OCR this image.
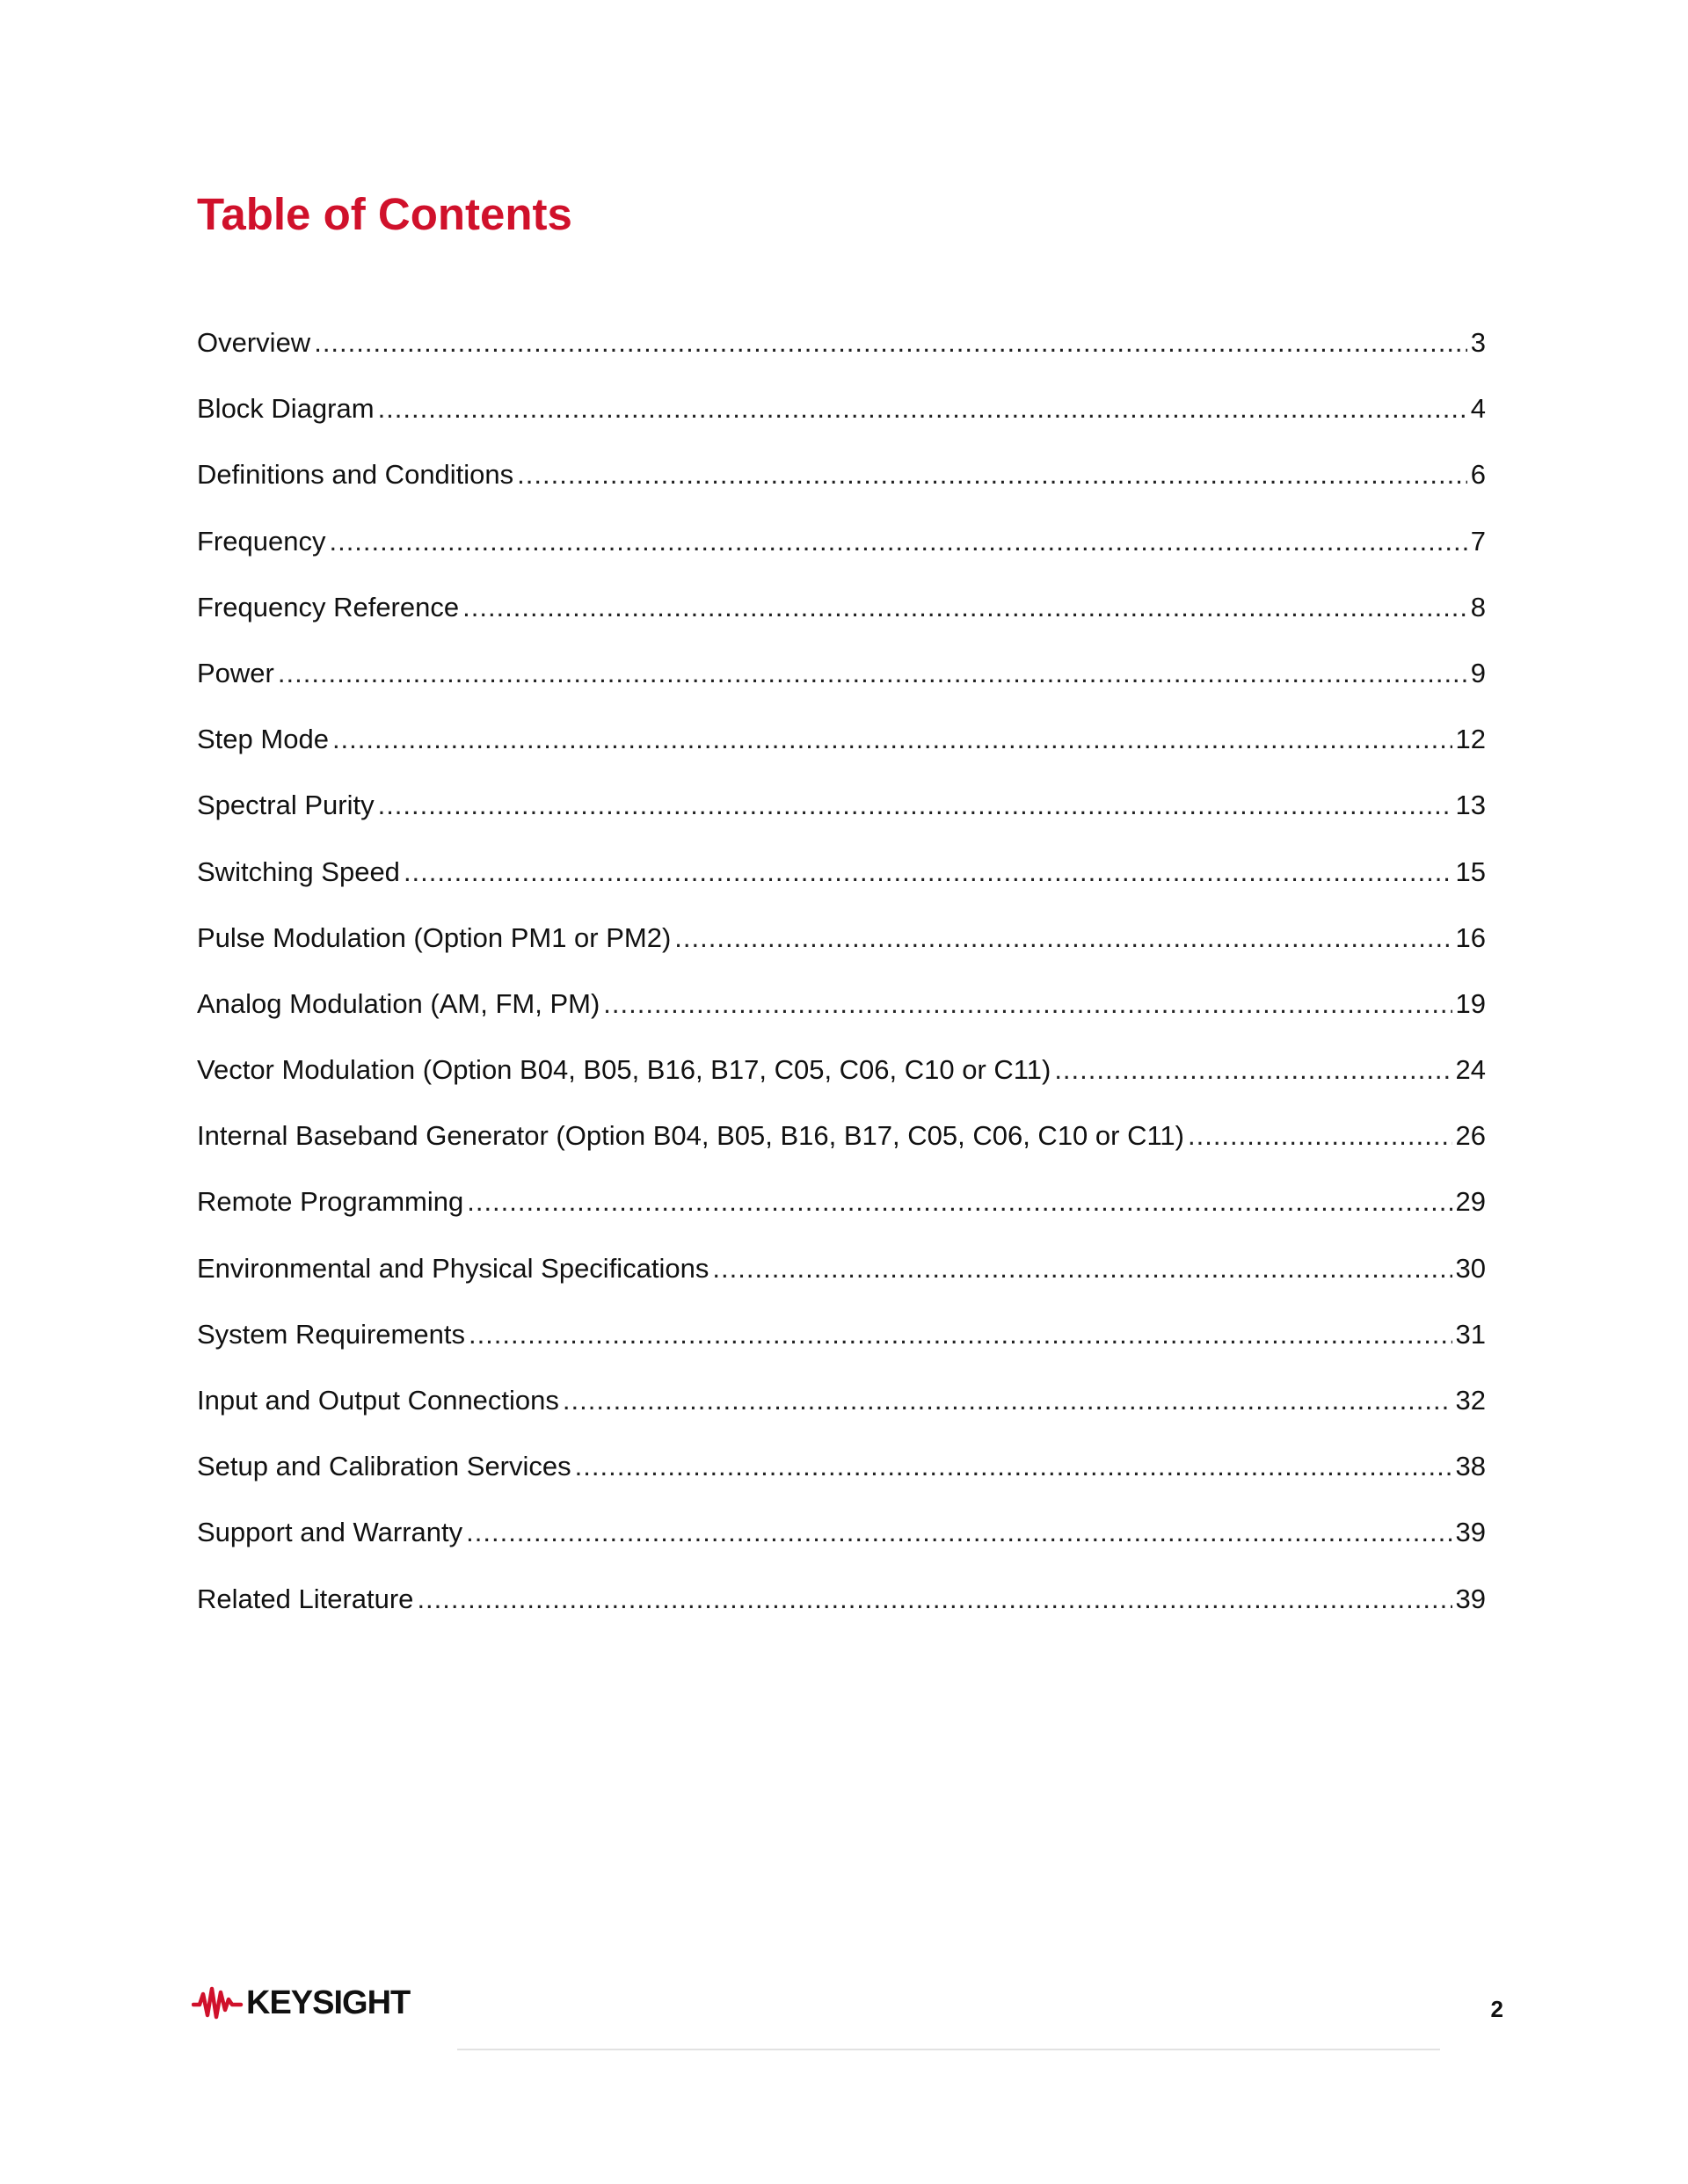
Table of Contents
Overview .....	3
Block Diagram .....	4
Definitions and Conditions .....	6
Frequency .....	7
Frequency Reference .....	8
Power .....	9
Step Mode .....	12
Spectral Purity .....	13
Switching Speed .....	15
Pulse Modulation (Option PM1 or PM2) .....	16
Analog Modulation (AM, FM, PM) .....	19
Vector Modulation (Option B04, B05, B16, B17, C05, C06, C10 or C11) .....	24
Internal Baseband Generator (Option B04, B05, B16, B17, C05, C06, C10 or C11) .....	26
Remote Programming .....	29
Environmental and Physical Specifications .....	30
System Requirements .....	31
Input and Output Connections .....	32
Setup and Calibration Services .....	38
Support and Warranty .....	39
Related Literature .....	39
KEYSIGHT	2
